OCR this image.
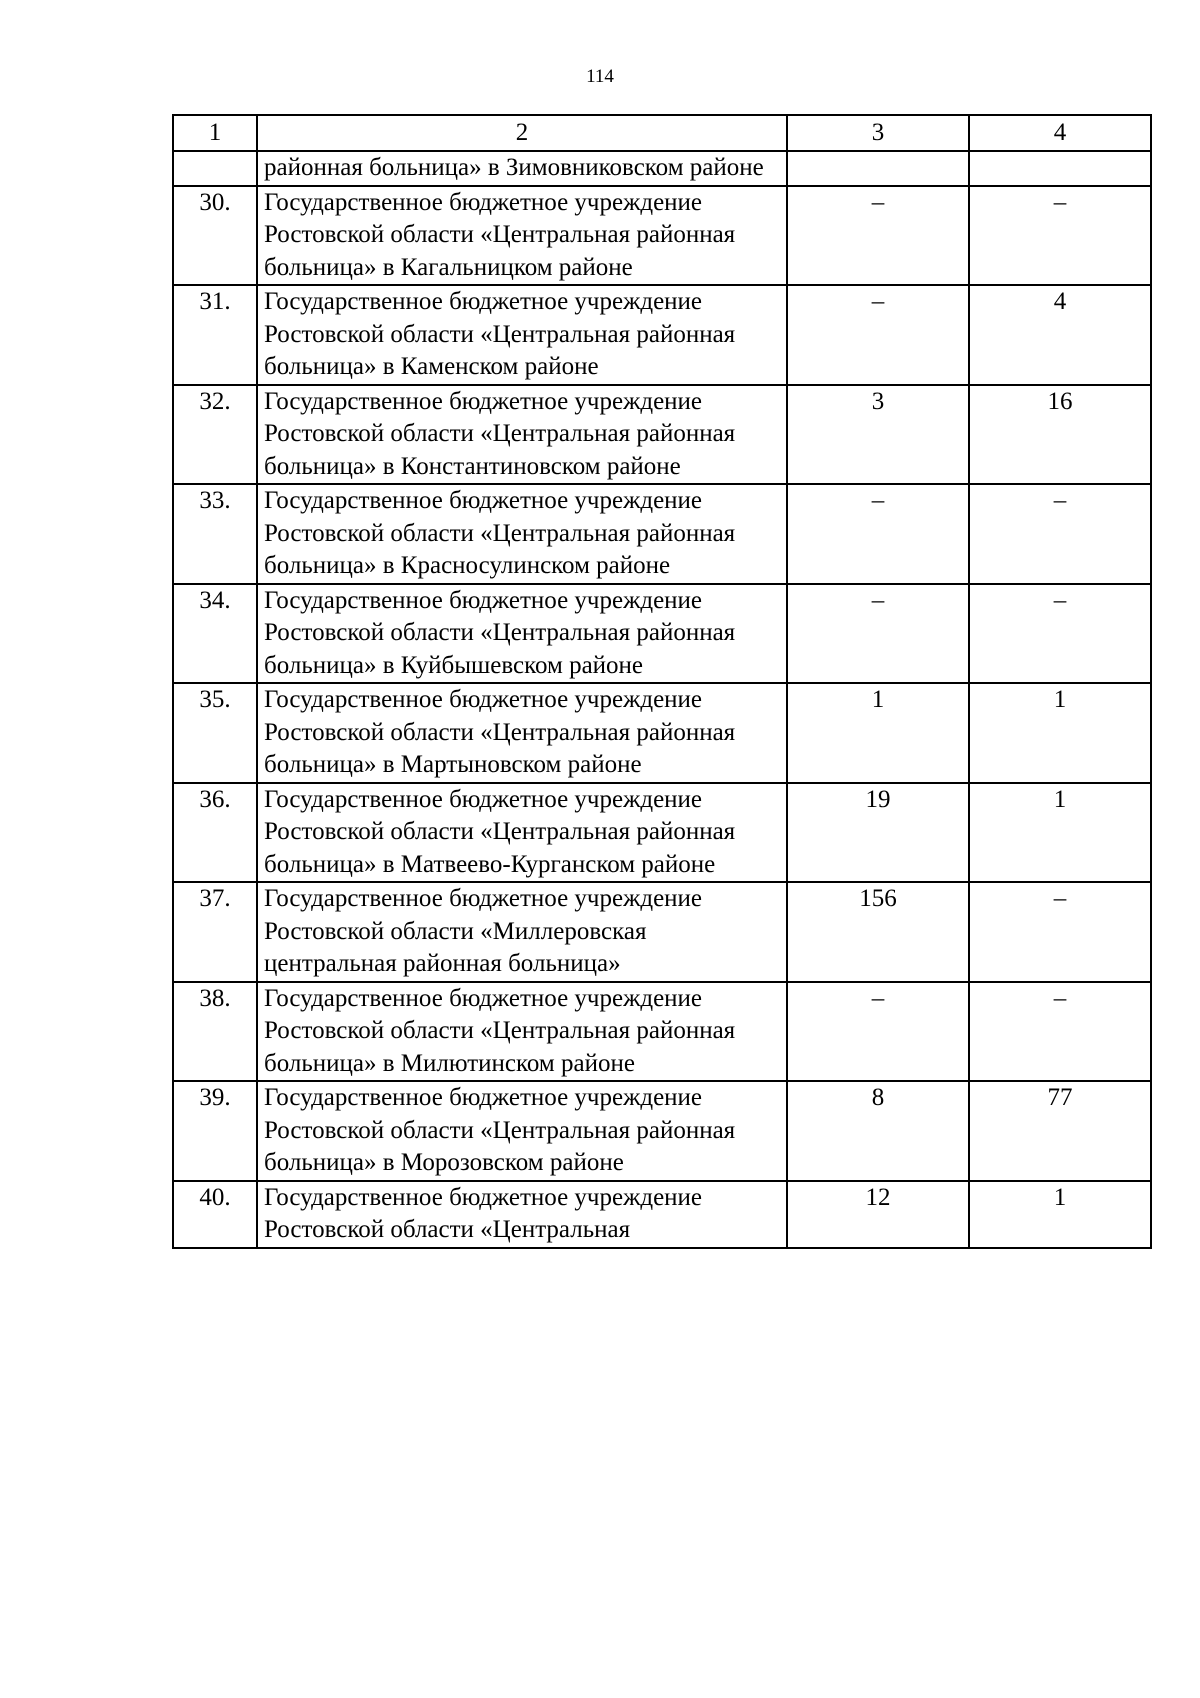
114
1	2	3	4
	районная больница» в Зимовниковском районе		
30.	Государственное бюджетное учреждение Ростовской области «Центральная районная больница» в Кагальницком районе	–	–
31.	Государственное бюджетное учреждение Ростовской области «Центральная районная больница» в Каменском районе	–	4
32.	Государственное бюджетное учреждение Ростовской области «Центральная районная больница» в Константиновском районе	3	16
33.	Государственное бюджетное учреждение Ростовской области «Центральная районная больница» в Красносулинском районе	–	–
34.	Государственное бюджетное учреждение Ростовской области «Центральная районная больница» в Куйбышевском районе	–	–
35.	Государственное бюджетное учреждение Ростовской области «Центральная районная больница» в Мартыновском районе	1	1
36.	Государственное бюджетное учреждение Ростовской области «Центральная районная больница» в Матвеево-Курганском районе	19	1
37.	Государственное бюджетное учреждение Ростовской области «Миллеровская центральная районная больница»	156	–
38.	Государственное бюджетное учреждение Ростовской области «Центральная районная больница» в Милютинском районе	–	–
39.	Государственное бюджетное учреждение Ростовской области «Центральная районная больница» в Морозовском районе	8	77
40.	Государственное бюджетное учреждение Ростовской области «Центральная	12	1
